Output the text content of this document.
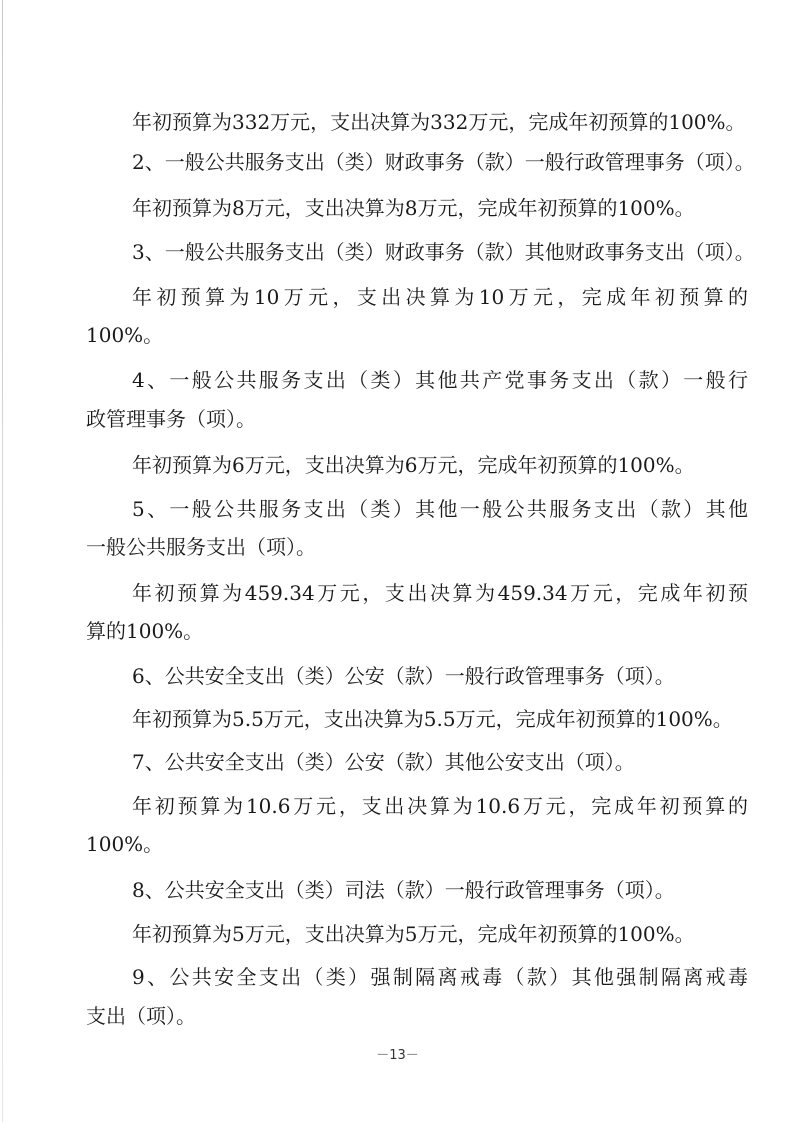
年初预算为332万元，支出决算为332万元，完成年初预算的100%。
2、一般公共服务支出（类）财政事务（款）一般行政管理事务（项）。
年初预算为8万元，支出决算为8万元，完成年初预算的100%。
3、一般公共服务支出（类）财政事务（款）其他财政事务支出（项）。
年初预算为10万元，支出决算为10万元，完成年初预算的
100%。
4、一般公共服务支出（类）其他共产党事务支出（款）一般行
政管理事务（项）。
年初预算为6万元，支出决算为6万元，完成年初预算的100%。
5、一般公共服务支出（类）其他一般公共服务支出（款）其他
一般公共服务支出（项）。
年初预算为459.34万元，支出决算为459.34万元，完成年初预
算的100%。
6、公共安全支出（类）公安（款）一般行政管理事务（项）。
年初预算为5.5万元，支出决算为5.5万元，完成年初预算的100%。
7、公共安全支出（类）公安（款）其他公安支出（项）。
年初预算为10.6万元，支出决算为10.6万元，完成年初预算的
100%。
8、公共安全支出（类）司法（款）一般行政管理事务（项）。
年初预算为5万元，支出决算为5万元，完成年初预算的100%。
9、公共安全支出（类）强制隔离戒毒（款）其他强制隔离戒毒
支出（项）。
－13－
